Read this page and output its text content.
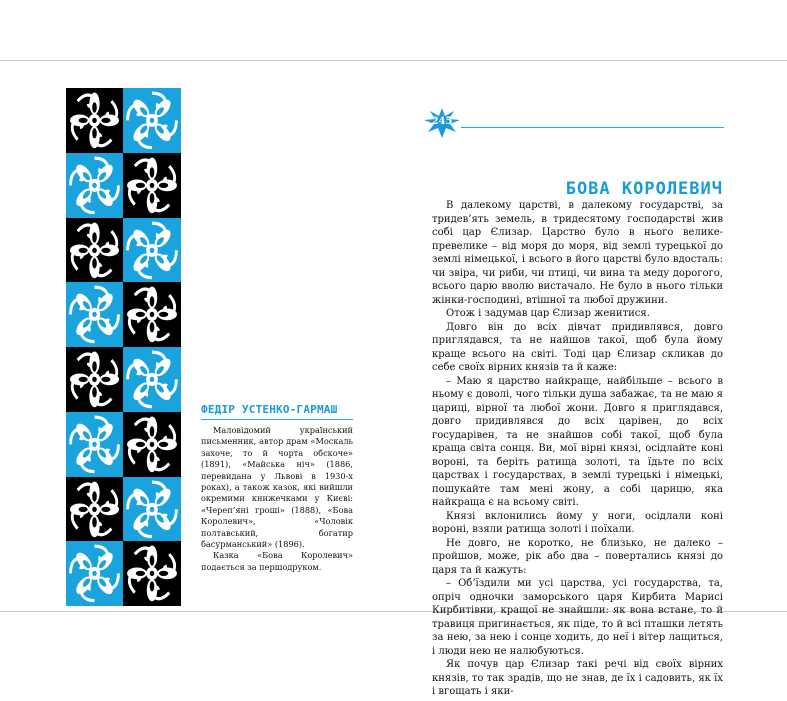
245
БОВА КОРОЛЕВИЧ

В далекому царстві, в далекому государстві, за тридев’ять земель, в тридесятому господарстві жив собі цар Єлизар. Царство було в нього велике-превелике – від моря до моря, від землі турецької до землі німецької, і всього в його царстві було вдосталь: чи звіра, чи риби, чи птиці, чи вина та меду дорогого, всього царю вволю вистачало. Не було в нього тільки жінки-господині, втішної та любої дружини.

Отож і задумав цар Єлизар женитися.

Довго він до всіх дівчат придивлявся, довго приглядався, та не найшов такої, щоб була йому краще всього на світі. Тоді цар Єлизар скликав до себе своїх вірних князів та й каже:

– Маю я царство найкраще, найбільше – всього в ньому є доволі, чого тільки душа забажає, та не маю я цариці, вірної та любої жони. Довго я приглядався, довго придивлявся до всіх царівен, до всіх государівен, та не знайшов собі такої, щоб була краща світа сонця. Ви, мої вірні князі, осідлайте коні вороні, та беріть ратища золоті, та їдьте по всіх царствах і государствах, в землі турецькі і німецькі, пошукайте там мені жону, а собі царицю, яка найкраща є на всьому світі.

Князі вклонились йому у ноги, осідлали коні вороні, взяли ратища золоті і поїхали.

Не довго, не коротко, не близько, не далеко – пройшов, може, рік або два – повертались князі до царя та й кажуть:

– Об’їздили ми усі царства, усі государства, та, опріч одночки заморського царя Кирбита Марисі Кирбитівни, кращої не знайшли: як вона встане, то й травиця пригинається, як піде, то й всі пташки летять за нею, за нею і сонце ходить, до неї і вітер лащиться, і люди нею не налюбуються.

Як почув цар Єлизар такі речі від своїх вірних князів, то так зрадів, що не знав, де їх і садовить, як їх і вгощать і яки-

ФЕДІР УСТЕНКО-ГАРМАШ

Маловідомий український письменник, автор драм «Москаль захоче, то й чорта обскоче» (1891), «Майська ніч» (1886, перевидана у Львові в 1930-х роках), а також казок, які вийшли окремими книжечками у Києві: «Череп’яні гроші» (1888), «Бова Королевич», «Чоловік полтавський, богатир басурманський» (1896).

Казка «Бова Королевич» подається за першодруком.
